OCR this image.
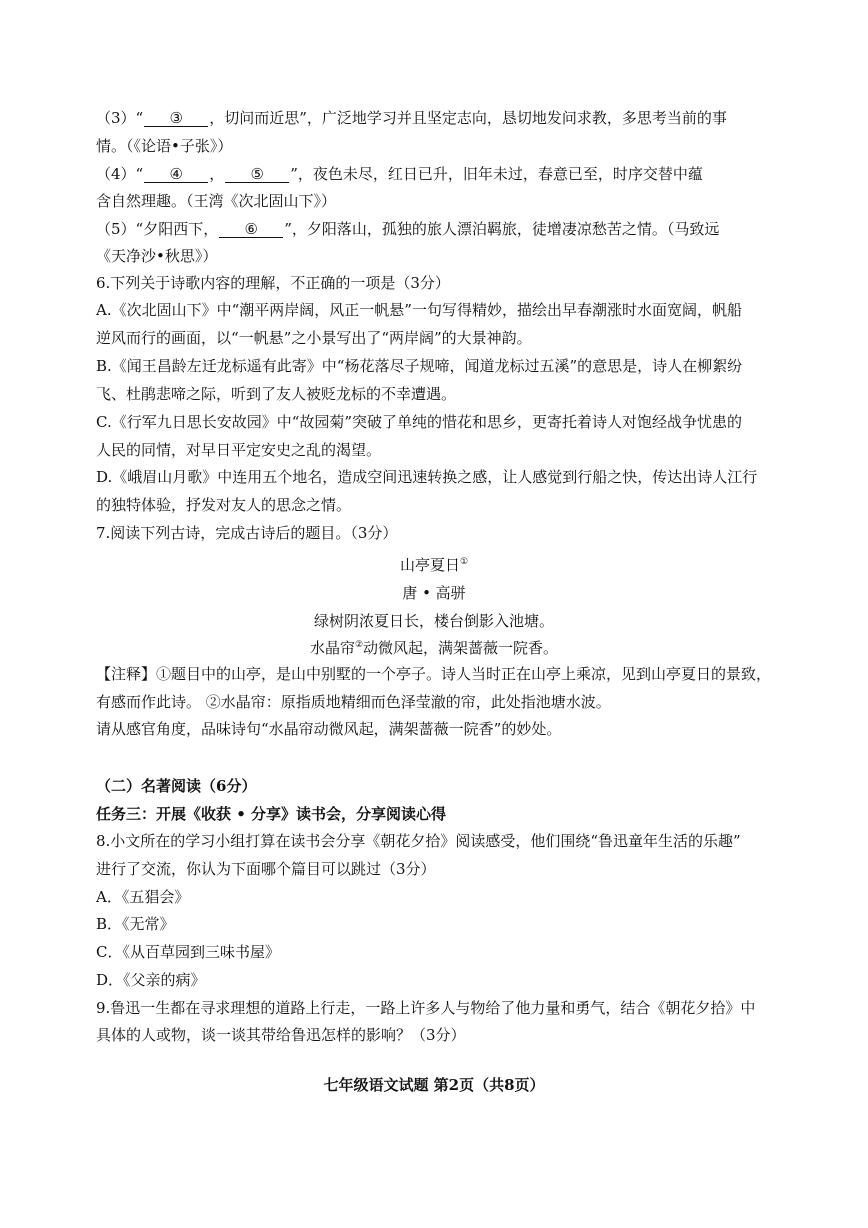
（3）“ ③ ，切问而近思”，广泛地学习并且坚定志向，恳切地发问求教，多思考当前的事
情。（《论语•子张》）
（4）“ ④ ， ⑤ ”，夜色未尽，红日已升，旧年未过，春意已至，时序交替中蕴
含自然理趣。（王湾《次北固山下》）
（5）“夕阳西下， ⑥ ”，夕阳落山，孤独的旅人漂泊羁旅，徒增凄凉愁苦之情。（马致远
《天净沙•秋思》）
6.下列关于诗歌内容的理解，不正确的一项是（3分）
A.《次北固山下》中“潮平两岸阔，风正一帆悬”一句写得精妙，描绘出早春潮涨时水面宽阔，帆船
逆风而行的画面，以“一帆悬”之小景写出了“两岸阔”的大景神韵。
B.《闻王昌龄左迁龙标遥有此寄》中“杨花落尽子规啼，闻道龙标过五溪”的意思是，诗人在柳絮纷
飞、杜鹃悲啼之际，听到了友人被贬龙标的不幸遭遇。
C.《行军九日思长安故园》中“故园菊”突破了单纯的惜花和思乡，更寄托着诗人对饱经战争忧患的
人民的同情，对早日平定安史之乱的渴望。
D.《峨眉山月歌》中连用五个地名，造成空间迅速转换之感，让人感觉到行船之快，传达出诗人江行
的独特体验，抒发对友人的思念之情。
7.阅读下列古诗，完成古诗后的题目。（3分）
山亭夏日①
唐 • 高骈
绿树阴浓夏日长，楼台倒影入池塘。
水晶帘②动微风起，满架蔷薇一院香。
【注释】①题目中的山亭，是山中别墅的一个亭子。诗人当时正在山亭上乘凉，见到山亭夏日的景致，
有感而作此诗。 ②水晶帘：原指质地精细而色泽莹澈的帘，此处指池塘水波。
请从感官角度，品味诗句“水晶帘动微风起，满架蔷薇一院香”的妙处。
（二）名著阅读（6分）
任务三：开展《收获 • 分享》读书会，分享阅读心得
8.小文所在的学习小组打算在读书会分享《朝花夕拾》阅读感受，他们围绕“鲁迅童年生活的乐趣”
进行了交流，你认为下面哪个篇目可以跳过（3分）
A．《五猖会》
B．《无常》
C．《从百草园到三味书屋》
D．《父亲的病》
9.鲁迅一生都在寻求理想的道路上行走，一路上许多人与物给了他力量和勇气，结合《朝花夕拾》中
具体的人或物，谈一谈其带给鲁迅怎样的影响？（3分）
七年级语文试题 第2页（共8页）
